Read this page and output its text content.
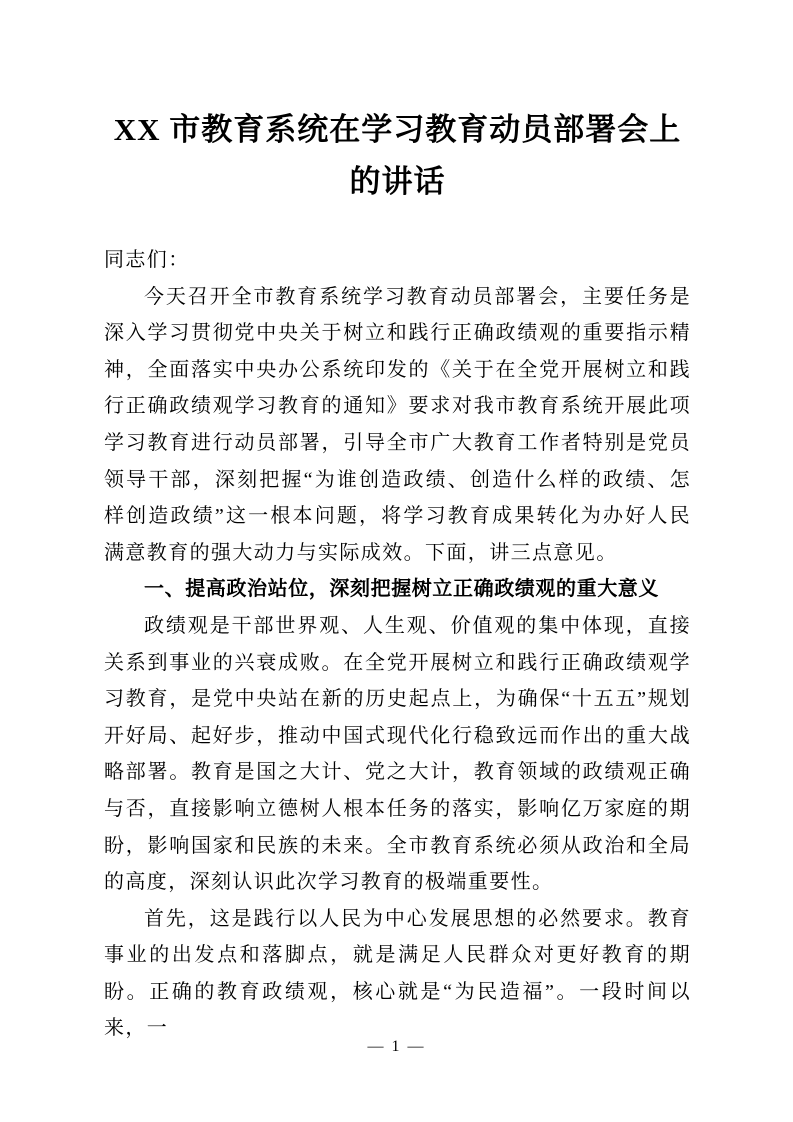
XX 市教育系统在学习教育动员部署会上的讲话

同志们：

今天召开全市教育系统学习教育动员部署会，主要任务是深入学习贯彻党中央关于树立和践行正确政绩观的重要指示精神，全面落实中央办公系统印发的《关于在全党开展树立和践行正确政绩观学习教育的通知》要求对我市教育系统开展此项学习教育进行动员部署，引导全市广大教育工作者特别是党员领导干部，深刻把握“为谁创造政绩、创造什么样的政绩、怎样创造政绩”这一根本问题，将学习教育成果转化为办好人民满意教育的强大动力与实际成效。下面，讲三点意见。

一、提高政治站位，深刻把握树立正确政绩观的重大意义

政绩观是干部世界观、人生观、价值观的集中体现，直接关系到事业的兴衰成败。在全党开展树立和践行正确政绩观学习教育，是党中央站在新的历史起点上，为确保“十五五”规划开好局、起好步，推动中国式现代化行稳致远而作出的重大战略部署。教育是国之大计、党之大计，教育领域的政绩观正确与否，直接影响立德树人根本任务的落实，影响亿万家庭的期盼，影响国家和民族的未来。全市教育系统必须从政治和全局的高度，深刻认识此次学习教育的极端重要性。

首先，这是践行以人民为中心发展思想的必然要求。教育事业的出发点和落脚点，就是满足人民群众对更好教育的期盼。正确的教育政绩观，核心就是“为民造福”。一段时间以来，一

— 1 —
